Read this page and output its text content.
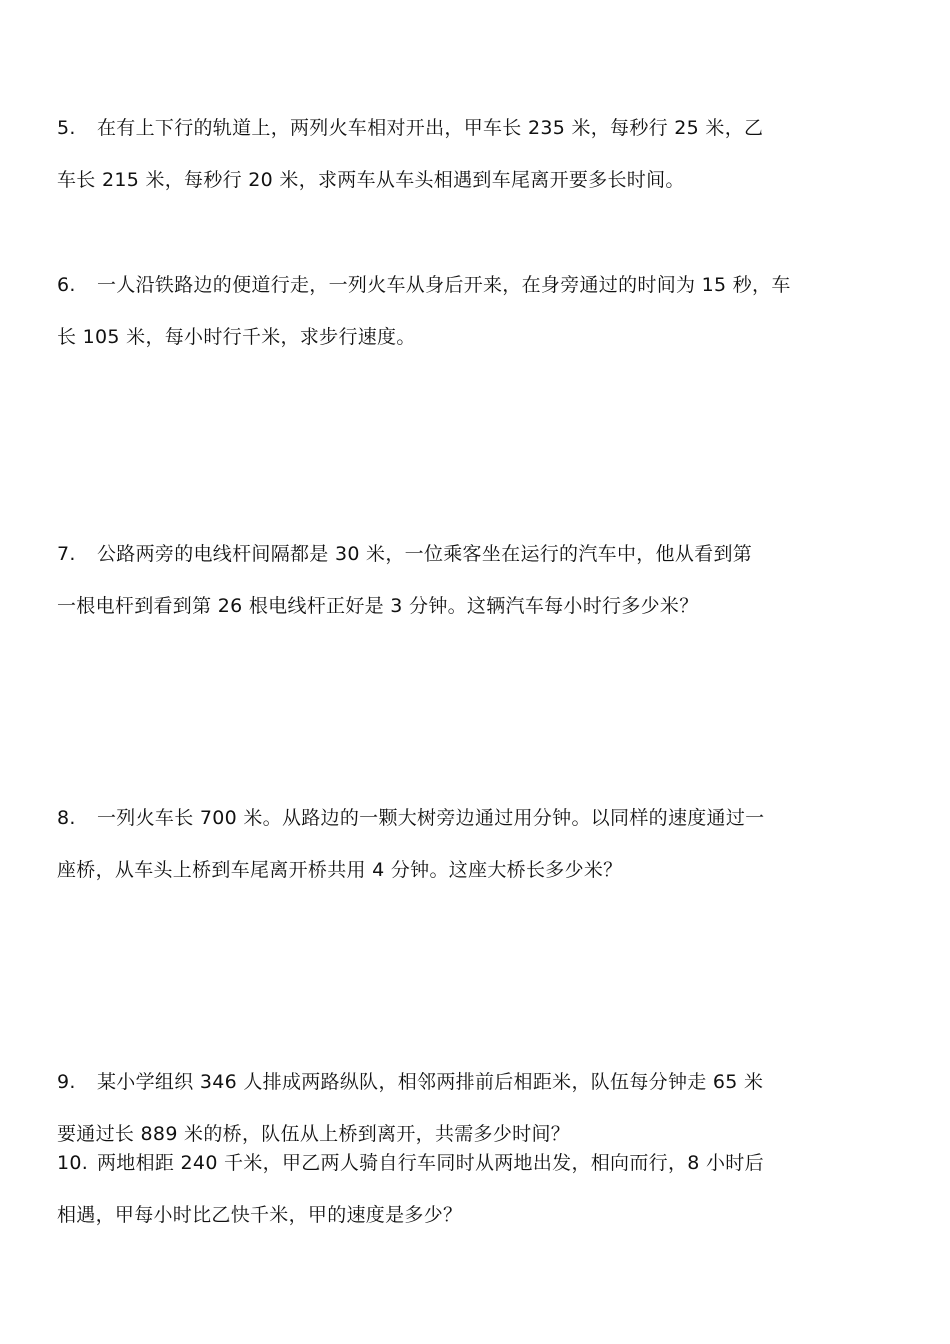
5. 在有上下行的轨道上，两列火车相对开出，甲车长 235 米，每秒行 25 米，乙
车长 215 米，每秒行 20 米，求两车从车头相遇到车尾离开要多长时间。
6. 一人沿铁路边的便道行走，一列火车从身后开来，在身旁通过的时间为 15 秒，车
长 105 米，每小时行千米，求步行速度。
7. 公路两旁的电线杆间隔都是 30 米，一位乘客坐在运行的汽车中，他从看到第
一根电杆到看到第 26 根电线杆正好是 3 分钟。这辆汽车每小时行多少米？
8. 一列火车长 700 米。从路边的一颗大树旁边通过用分钟。以同样的速度通过一
座桥，从车头上桥到车尾离开桥共用 4 分钟。这座大桥长多少米？
9. 某小学组织 346 人排成两路纵队，相邻两排前后相距米，队伍每分钟走 65 米
要通过长 889 米的桥，队伍从上桥到离开，共需多少时间？
10. 两地相距 240 千米，甲乙两人骑自行车同时从两地出发，相向而行，8 小时后
相遇，甲每小时比乙快千米，甲的速度是多少？
